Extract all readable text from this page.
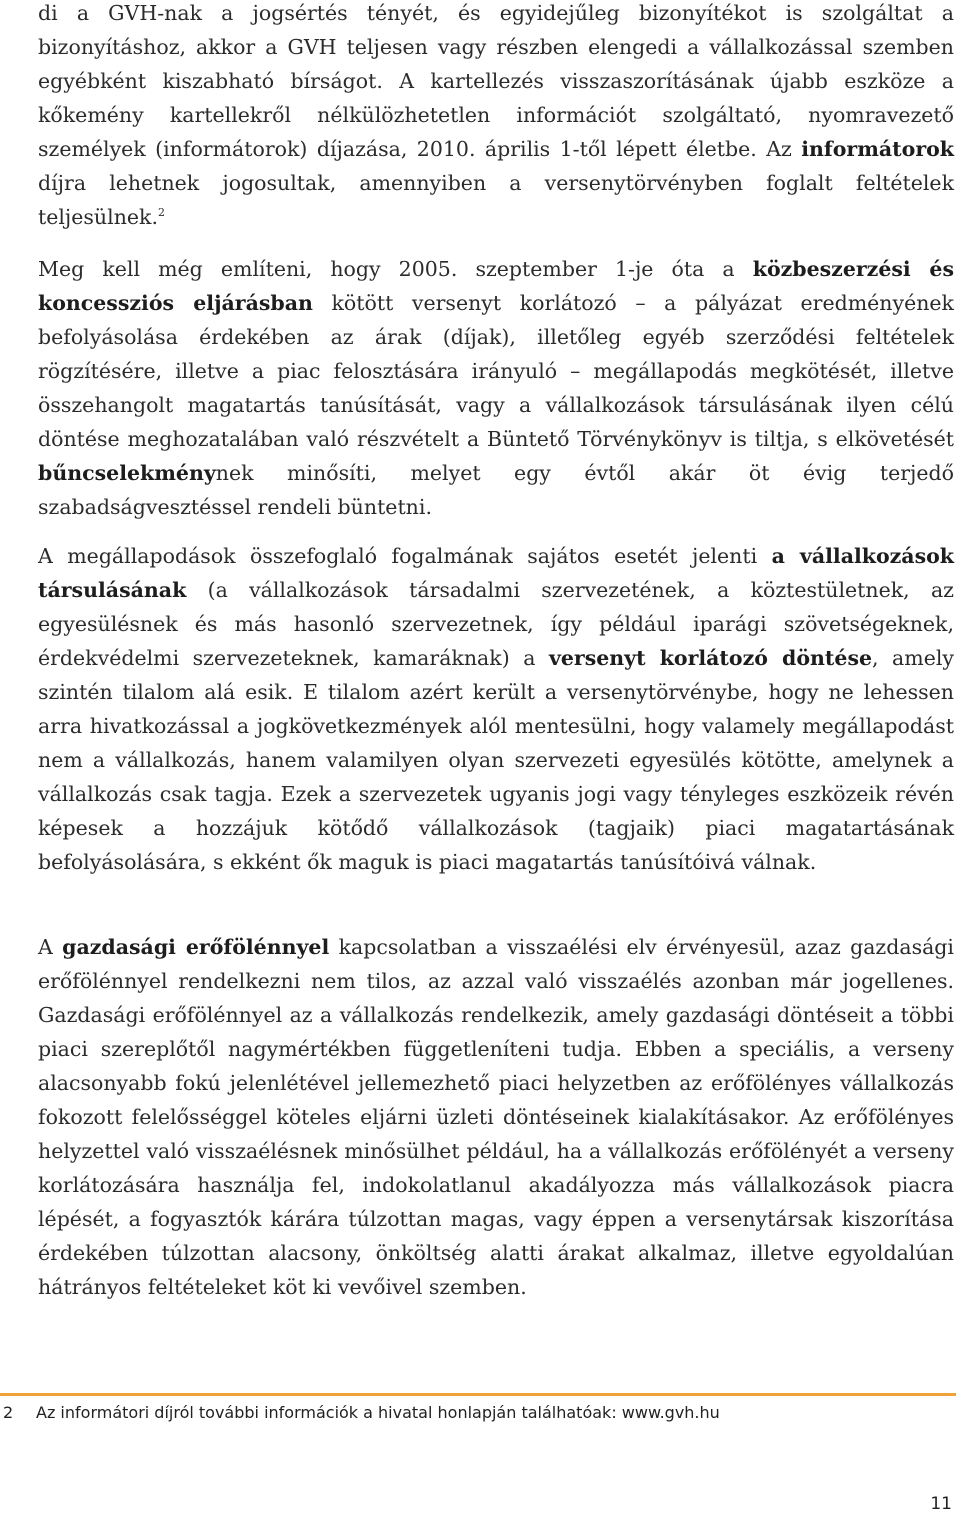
di a GVH-nak a jogsértés tényét, és egyidejűleg bizonyítékot is szolgáltat a bizonyításhoz, akkor a GVH teljesen vagy részben elengedi a vállalkozással szemben egyébként kiszabható bírságot. A kartellezés visszaszorításának újabb eszköze a kőkemény kartellekről nélkülözhetetlen információt szolgáltató, nyomravezető személyek (informátorok) díjazása, 2010. április 1-től lépett életbe. Az informátorok díjra lehetnek jogosultak, amennyiben a versenytörvényben foglalt feltételek teljesülnek.$^2$

Meg kell még említeni, hogy 2005. szeptember 1-je óta a közbeszerzési és koncessziós eljárásban kötött versenyt korlátozó – a pályázat eredményének befolyásolása érdekében az árak (díjak), illetőleg egyéb szerződési feltételek rögzítésére, illetve a piac felosztására irányuló – megállapodás megkötését, illetve összehangolt magatartás tanúsítását, vagy a vállalkozások társulásának ilyen célú döntése meghozatalában való részvételt a Büntető Törvénykönyv is tiltja, s elkövetését bűncselekménynek minősíti, melyet egy évtől akár öt évig terjedő szabadságvesztéssel rendeli büntetni.

A megállapodások összefoglaló fogalmának sajátos esetét jelenti a vállalkozások társulásának (a vállalkozások társadalmi szervezetének, a köztestületnek, az egyesülésnek és más hasonló szervezetnek, így például iparági szövetségeknek, érdekvédelmi szervezeteknek, kamaráknak) a versenyt korlátozó döntése, amely szintén tilalom alá esik. E tilalom azért került a versenytörvénybe, hogy ne lehessen arra hivatkozással a jogkövetkezmények alól mentesülni, hogy valamely megállapodást nem a vállalkozás, hanem valamilyen olyan szervezeti egyesülés kötötte, amelynek a vállalkozás csak tagja. Ezek a szervezetek ugyanis jogi vagy tényleges eszközeik révén képesek a hozzájuk kötődő vállalkozások (tagjaik) piaci magatartásának befolyásolására, s ekként ők maguk is piaci magatartás tanúsítóivá válnak.

A gazdasági erőfölénnyel kapcsolatban a visszaélési elv érvényesül, azaz gazdasági erőfölénnyel rendelkezni nem tilos, az azzal való visszaélés azonban már jogellenes. Gazdasági erőfölénnyel az a vállalkozás rendelkezik, amely gazdasági döntéseit a többi piaci szereplőtől nagymértékben függetleníteni tudja. Ebben a speciális, a verseny alacsonyabb fokú jelenlétével jellemezhető piaci helyzetben az erőfölényes vállalkozás fokozott felelősséggel köteles eljárni üzleti döntéseinek kialakításakor. Az erőfölényes helyzettel való visszaélésnek minősülhet például, ha a vállalkozás erőfölényét a verseny korlátozására használja fel, indokolatlanul akadályozza más vállalkozások piacra lépését, a fogyasztók kárára túlzottan magas, vagy éppen a versenytársak kiszorítása érdekében túlzottan alacsony, önköltség alatti árakat alkalmaz, illetve egyoldalúan hátrányos feltételeket köt ki vevőivel szemben.

2 Az informátori díjról további információk a hivatal honlapján találhatóak: www.gvh.hu
11
